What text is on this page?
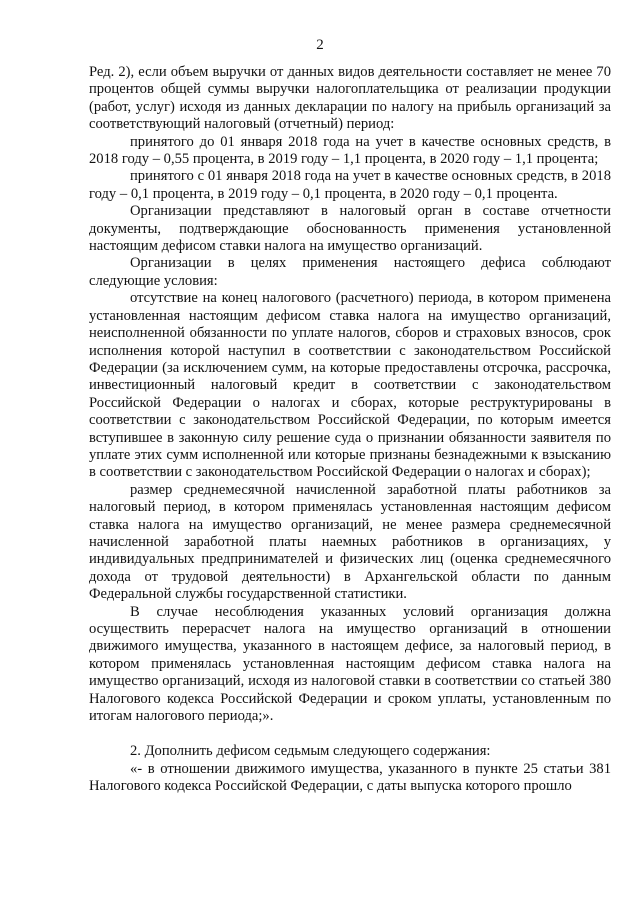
2

Ред. 2), если объем выручки от данных видов деятельности составляет не менее 70 процентов общей суммы выручки налогоплательщика от реализации продукции (работ, услуг) исходя из данных декларации по налогу на прибыль организаций за соответствующий налоговый (отчетный) период:

принятого до 01 января 2018 года на учет в качестве основных средств, в 2018 году – 0,55 процента, в 2019 году – 1,1 процента, в 2020 году – 1,1 процента;

принятого с 01 января 2018 года на учет в качестве основных средств, в 2018 году – 0,1 процента, в 2019 году – 0,1 процента, в 2020 году – 0,1 процента.

Организации представляют в налоговый орган в составе отчетности документы, подтверждающие обоснованность применения установленной настоящим дефисом ставки налога на имущество организаций.

Организации в целях применения настоящего дефиса соблюдают следующие условия:

отсутствие на конец налогового (расчетного) периода, в котором применена установленная настоящим дефисом ставка налога на имущество организаций, неисполненной обязанности по уплате налогов, сборов и страховых взносов, срок исполнения которой наступил в соответствии с законодательством Российской Федерации (за исключением сумм, на которые предоставлены отсрочка, рассрочка, инвестиционный налоговый кредит в соответствии с законодательством Российской Федерации о налогах и сборах, которые реструктурированы в соответствии с законодательством Российской Федерации, по которым имеется вступившее в законную силу решение суда о признании обязанности заявителя по уплате этих сумм исполненной или которые признаны безнадежными к взысканию в соответствии с законодательством Российской Федерации о налогах и сборах);

размер среднемесячной начисленной заработной платы работников за налоговый период, в котором применялась установленная настоящим дефисом ставка налога на имущество организаций, не менее размера среднемесячной начисленной заработной платы наемных работников в организациях, у индивидуальных предпринимателей и физических лиц (оценка среднемесячного дохода от трудовой деятельности) в Архангельской области по данным Федеральной службы государственной статистики.

В случае несоблюдения указанных условий организация должна осуществить перерасчет налога на имущество организаций в отношении движимого имущества, указанного в настоящем дефисе, за налоговый период, в котором применялась установленная настоящим дефисом ставка налога на имущество организаций, исходя из налоговой ставки в соответствии со статьей 380 Налогового кодекса Российской Федерации и сроком уплаты, установленным по итогам налогового периода;».

2. Дополнить дефисом седьмым следующего содержания:

«- в отношении движимого имущества, указанного в пункте 25 статьи 381 Налогового кодекса Российской Федерации, с даты выпуска которого прошло
